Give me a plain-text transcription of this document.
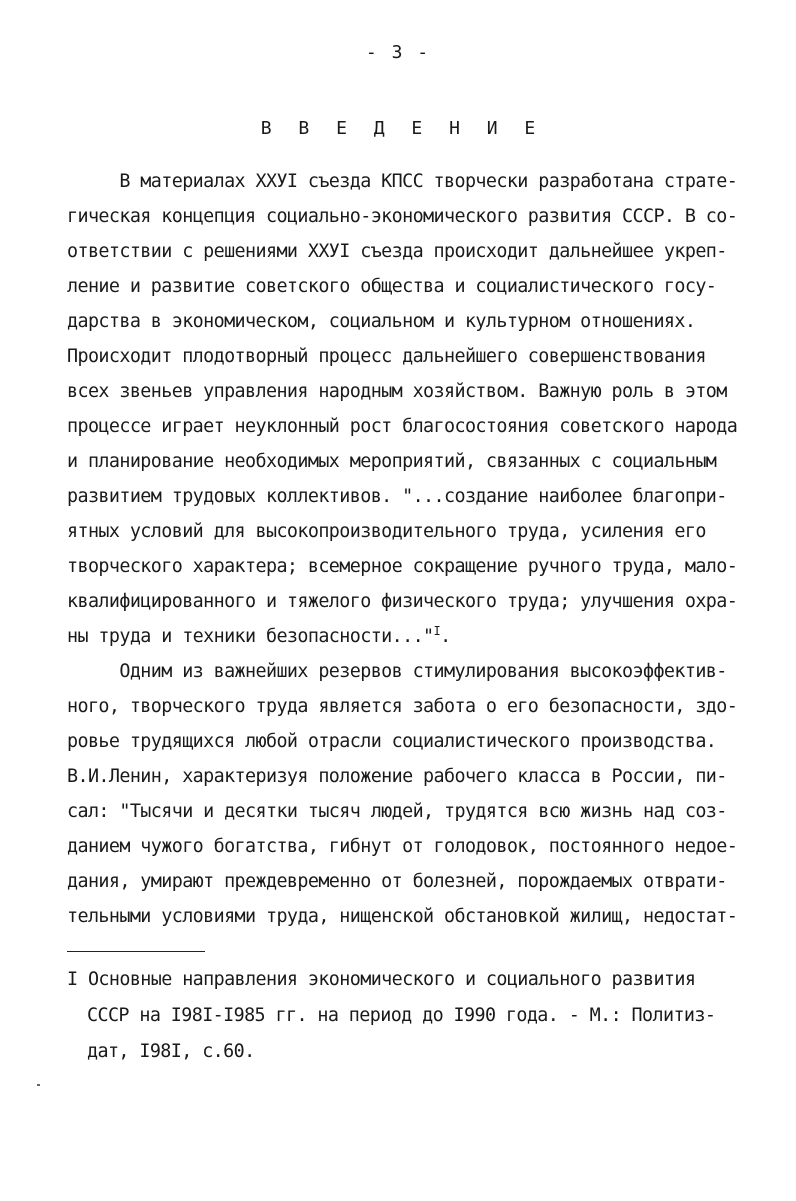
- 3 -
В В Е Д Е Н И Е
В материалах XXУI съезда КПСС творчески разработана страте-
гическая концепция социально-экономического развития СССР. В со-
ответствии с решениями XXУI съезда происходит дальнейшее укреп-
ление и развитие советского общества и социалистического госу-
дарства в экономическом, социальном и культурном отношениях.
Происходит плодотворный процесс дальнейшего совершенствования
всех звеньев управления народным хозяйством. Важную роль в этом
процессе играет неуклонный рост благосостояния советского народа
и планирование необходимых мероприятий, связанных с социальным
развитием трудовых коллективов. "...создание наиболее благопри-
ятных условий для высокопроизводительного труда, усиления его
творческого характера; всемерное сокращение ручного труда, мало-
квалифицированного и тяжелого физического труда; улучшения охра-
ны труда и техники безопасности..."$^I$.
Одним из важнейших резервов стимулирования высокоэффектив-
ного, творческого труда является забота о его безопасности, здо-
ровье трудящихся любой отрасли социалистического производства.
В.И.Ленин, характеризуя положение рабочего класса в России, пи-
сал: "Тысячи и десятки тысяч людей, трудятся всю жизнь над соз-
данием чужого богатства, гибнут от голодовок, постоянного недое-
дания, умирают преждевременно от болезней, порождаемых отврати-
тельными условиями труда, нищенской обстановкой жилищ, недостат-
I Основные направления экономического и социального развития
СССР на I98I-I985 гг. на период до I990 года. - М.: Политиз-
дат, I98I, с.60.
